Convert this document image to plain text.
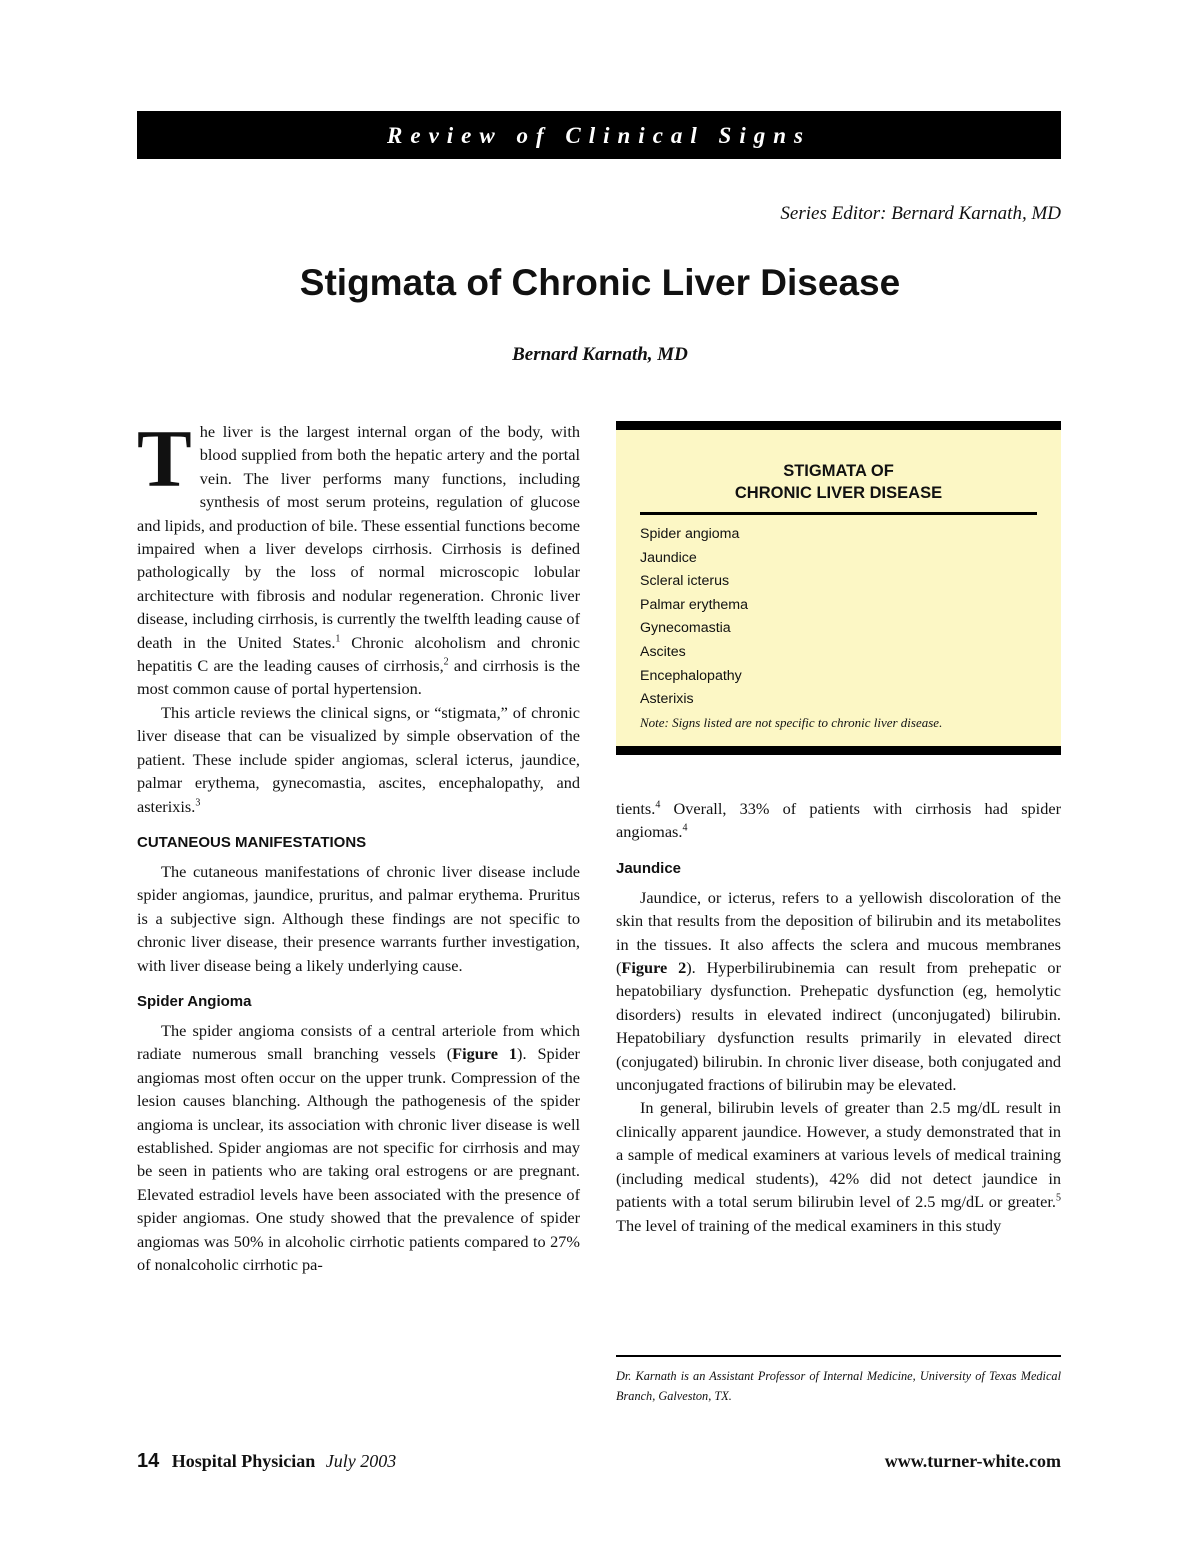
Review of Clinical Signs
Series Editor: Bernard Karnath, MD
Stigmata of Chronic Liver Disease
Bernard Karnath, MD

The liver is the largest internal organ of the body, with blood supplied from both the hepatic artery and the portal vein. The liver performs many functions, including synthesis of most serum proteins, regulation of glucose and lipids, and production of bile. These essential functions become impaired when a liver develops cirrhosis. Cirrhosis is defined pathologically by the loss of normal microscopic lobular architecture with fibrosis and nodular regeneration. Chronic liver disease, including cirrhosis, is currently the twelfth leading cause of death in the United States.$^1$ Chronic alcoholism and chronic hepatitis C are the leading causes of cirrhosis,$^2$ and cirrhosis is the most common cause of portal hypertension.

This article reviews the clinical signs, or “stigmata,” of chronic liver disease that can be visualized by simple observation of the patient. These include spider angiomas, scleral icterus, jaundice, palmar erythema, gynecomastia, ascites, encephalopathy, and asterixis.$^3$

CUTANEOUS MANIFESTATIONS

The cutaneous manifestations of chronic liver disease include spider angiomas, jaundice, pruritus, and palmar erythema. Pruritus is a subjective sign. Although these findings are not specific to chronic liver disease, their presence warrants further investigation, with liver disease being a likely underlying cause.

Spider Angioma

The spider angioma consists of a central arteriole from which radiate numerous small branching vessels (Figure 1). Spider angiomas most often occur on the upper trunk. Compression of the lesion causes blanching. Although the pathogenesis of the spider angioma is unclear, its association with chronic liver disease is well established. Spider angiomas are not specific for cirrhosis and may be seen in patients who are taking oral estrogens or are pregnant. Elevated estradiol levels have been associated with the presence of spider angiomas. One study showed that the prevalence of spider angiomas was 50% in alcoholic cirrhotic patients compared to 27% of nonalcoholic cirrhotic pa-

STIGMATA OF
CHRONIC LIVER DISEASE
Spider angioma
Jaundice
Scleral icterus
Palmar erythema
Gynecomastia
Ascites
Encephalopathy
Asterixis
Note: Signs listed are not specific to chronic liver disease.

tients.$^4$ Overall, 33% of patients with cirrhosis had spider angiomas.$^4$

Jaundice

Jaundice, or icterus, refers to a yellowish discoloration of the skin that results from the deposition of bilirubin and its metabolites in the tissues. It also affects the sclera and mucous membranes (Figure 2). Hyperbilirubinemia can result from prehepatic or hepatobiliary dysfunction. Prehepatic dysfunction (eg, hemolytic disorders) results in elevated indirect (unconjugated) bilirubin. Hepatobiliary dysfunction results primarily in elevated direct (conjugated) bilirubin. In chronic liver disease, both conjugated and unconjugated fractions of bilirubin may be elevated.

In general, bilirubin levels of greater than 2.5 mg/dL result in clinically apparent jaundice. However, a study demonstrated that in a sample of medical examiners at various levels of medical training (including medical students), 42% did not detect jaundice in patients with a total serum bilirubin level of 2.5 mg/dL or greater.$^5$ The level of training of the medical examiners in this study

Dr. Karnath is an Assistant Professor of Internal Medicine, University of Texas Medical Branch, Galveston, TX.
14 Hospital Physician July 2003	www.turner-white.com
